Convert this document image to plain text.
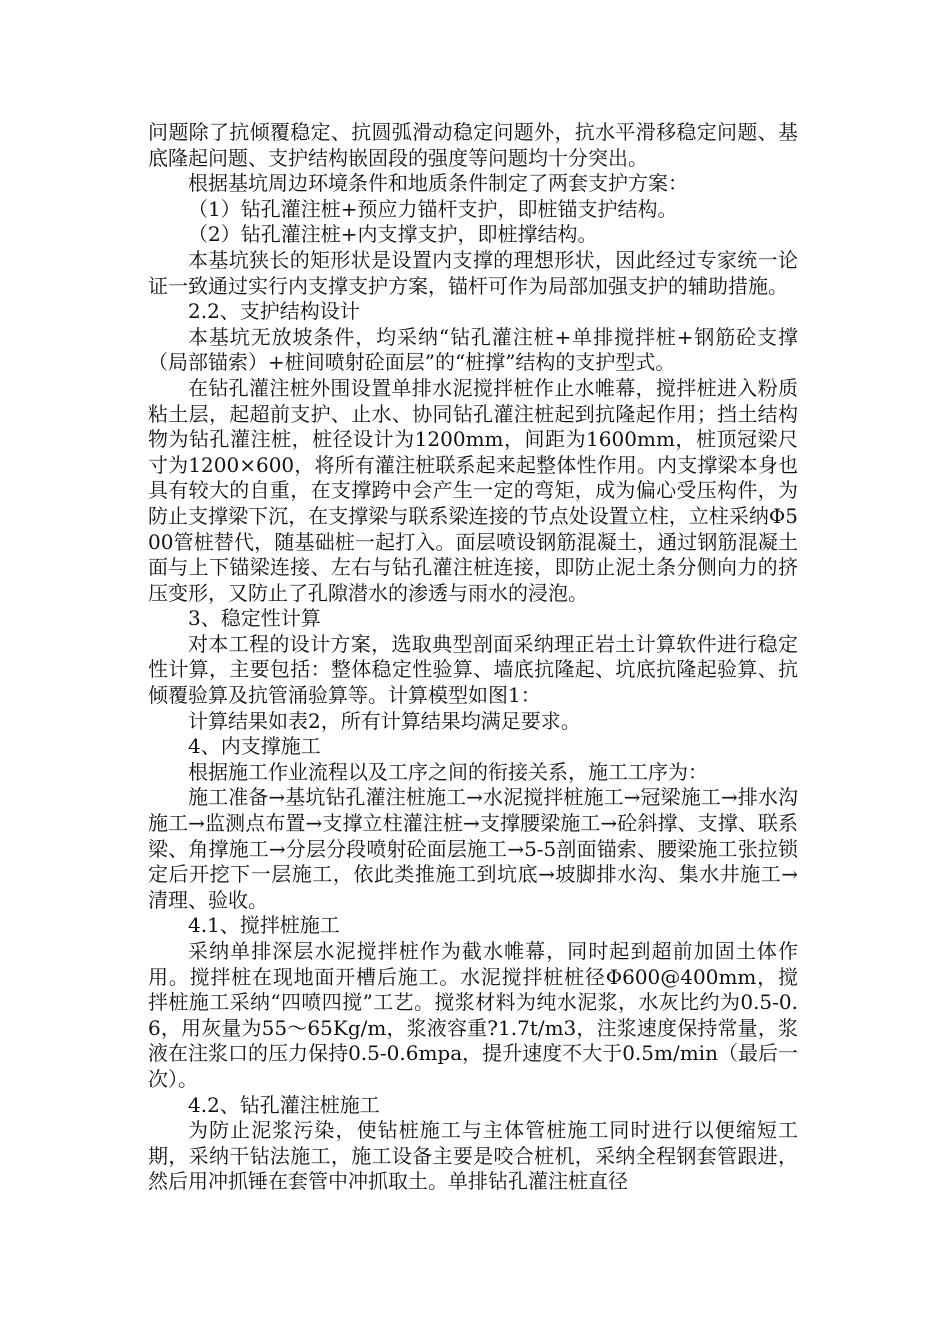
问题除了抗倾覆稳定、抗圆弧滑动稳定问题外，抗水平滑移稳定问题、基底隆起问题、支护结构嵌固段的强度等问题均十分突出。

根据基坑周边环境条件和地质条件制定了两套支护方案：

（1）钻孔灌注桩+预应力锚杆支护，即桩锚支护结构。

（2）钻孔灌注桩+内支撑支护，即桩撑结构。

本基坑狭长的矩形状是设置内支撑的理想形状，因此经过专家统一论证一致通过实行内支撑支护方案，锚杆可作为局部加强支护的辅助措施。

2.2、支护结构设计

本基坑无放坡条件，均采纳“钻孔灌注桩+单排搅拌桩+钢筋砼支撑（局部锚索）+桩间喷射砼面层”的“桩撑”结构的支护型式。

在钻孔灌注桩外围设置单排水泥搅拌桩作止水帷幕，搅拌桩进入粉质粘土层，起超前支护、止水、协同钻孔灌注桩起到抗隆起作用；挡土结构物为钻孔灌注桩，桩径设计为1200mm，间距为1600mm，桩顶冠梁尺寸为1200×600，将所有灌注桩联系起来起整体性作用。内支撑梁本身也具有较大的自重，在支撑跨中会产生一定的弯矩，成为偏心受压构件，为防止支撑梁下沉，在支撑梁与联系梁连接的节点处设置立柱，立柱采纳Φ500管桩替代，随基础桩一起打入。面层喷设钢筋混凝土，通过钢筋混凝土面与上下锚梁连接、左右与钻孔灌注桩连接，即防止泥土条分侧向力的挤压变形，又防止了孔隙潜水的渗透与雨水的浸泡。

3、稳定性计算

对本工程的设计方案，选取典型剖面采纳理正岩土计算软件进行稳定性计算，主要包括：整体稳定性验算、墙底抗隆起、坑底抗隆起验算、抗倾覆验算及抗管涌验算等。计算模型如图1：

计算结果如表2，所有计算结果均满足要求。

4、内支撑施工

根据施工作业流程以及工序之间的衔接关系，施工工序为：

施工准备→基坑钻孔灌注桩施工→水泥搅拌桩施工→冠梁施工→排水沟施工→监测点布置→支撑立柱灌注桩→支撑腰梁施工→砼斜撑、支撑、联系梁、角撑施工→分层分段喷射砼面层施工→5-5剖面锚索、腰梁施工张拉锁定后开挖下一层施工，依此类推施工到坑底→坡脚排水沟、集水井施工→清理、验收。

4.1、搅拌桩施工

采纳单排深层水泥搅拌桩作为截水帷幕，同时起到超前加固土体作用。搅拌桩在现地面开槽后施工。水泥搅拌桩桩径Φ600@400mm，搅拌桩施工采纳“四喷四搅”工艺。搅浆材料为纯水泥浆，水灰比约为0.5-0.6，用灰量为55～65Kg/m，浆液容重?1.7t/m3，注浆速度保持常量，浆液在注浆口的压力保持0.5-0.6mpa，提升速度不大于0.5m/min（最后一次）。

4.2、钻孔灌注桩施工

为防止泥浆污染，使钻桩施工与主体管桩施工同时进行以便缩短工期，采纳干钻法施工，施工设备主要是咬合桩机，采纳全程钢套管跟进，然后用冲抓锤在套管中冲抓取土。单排钻孔灌注桩直径
